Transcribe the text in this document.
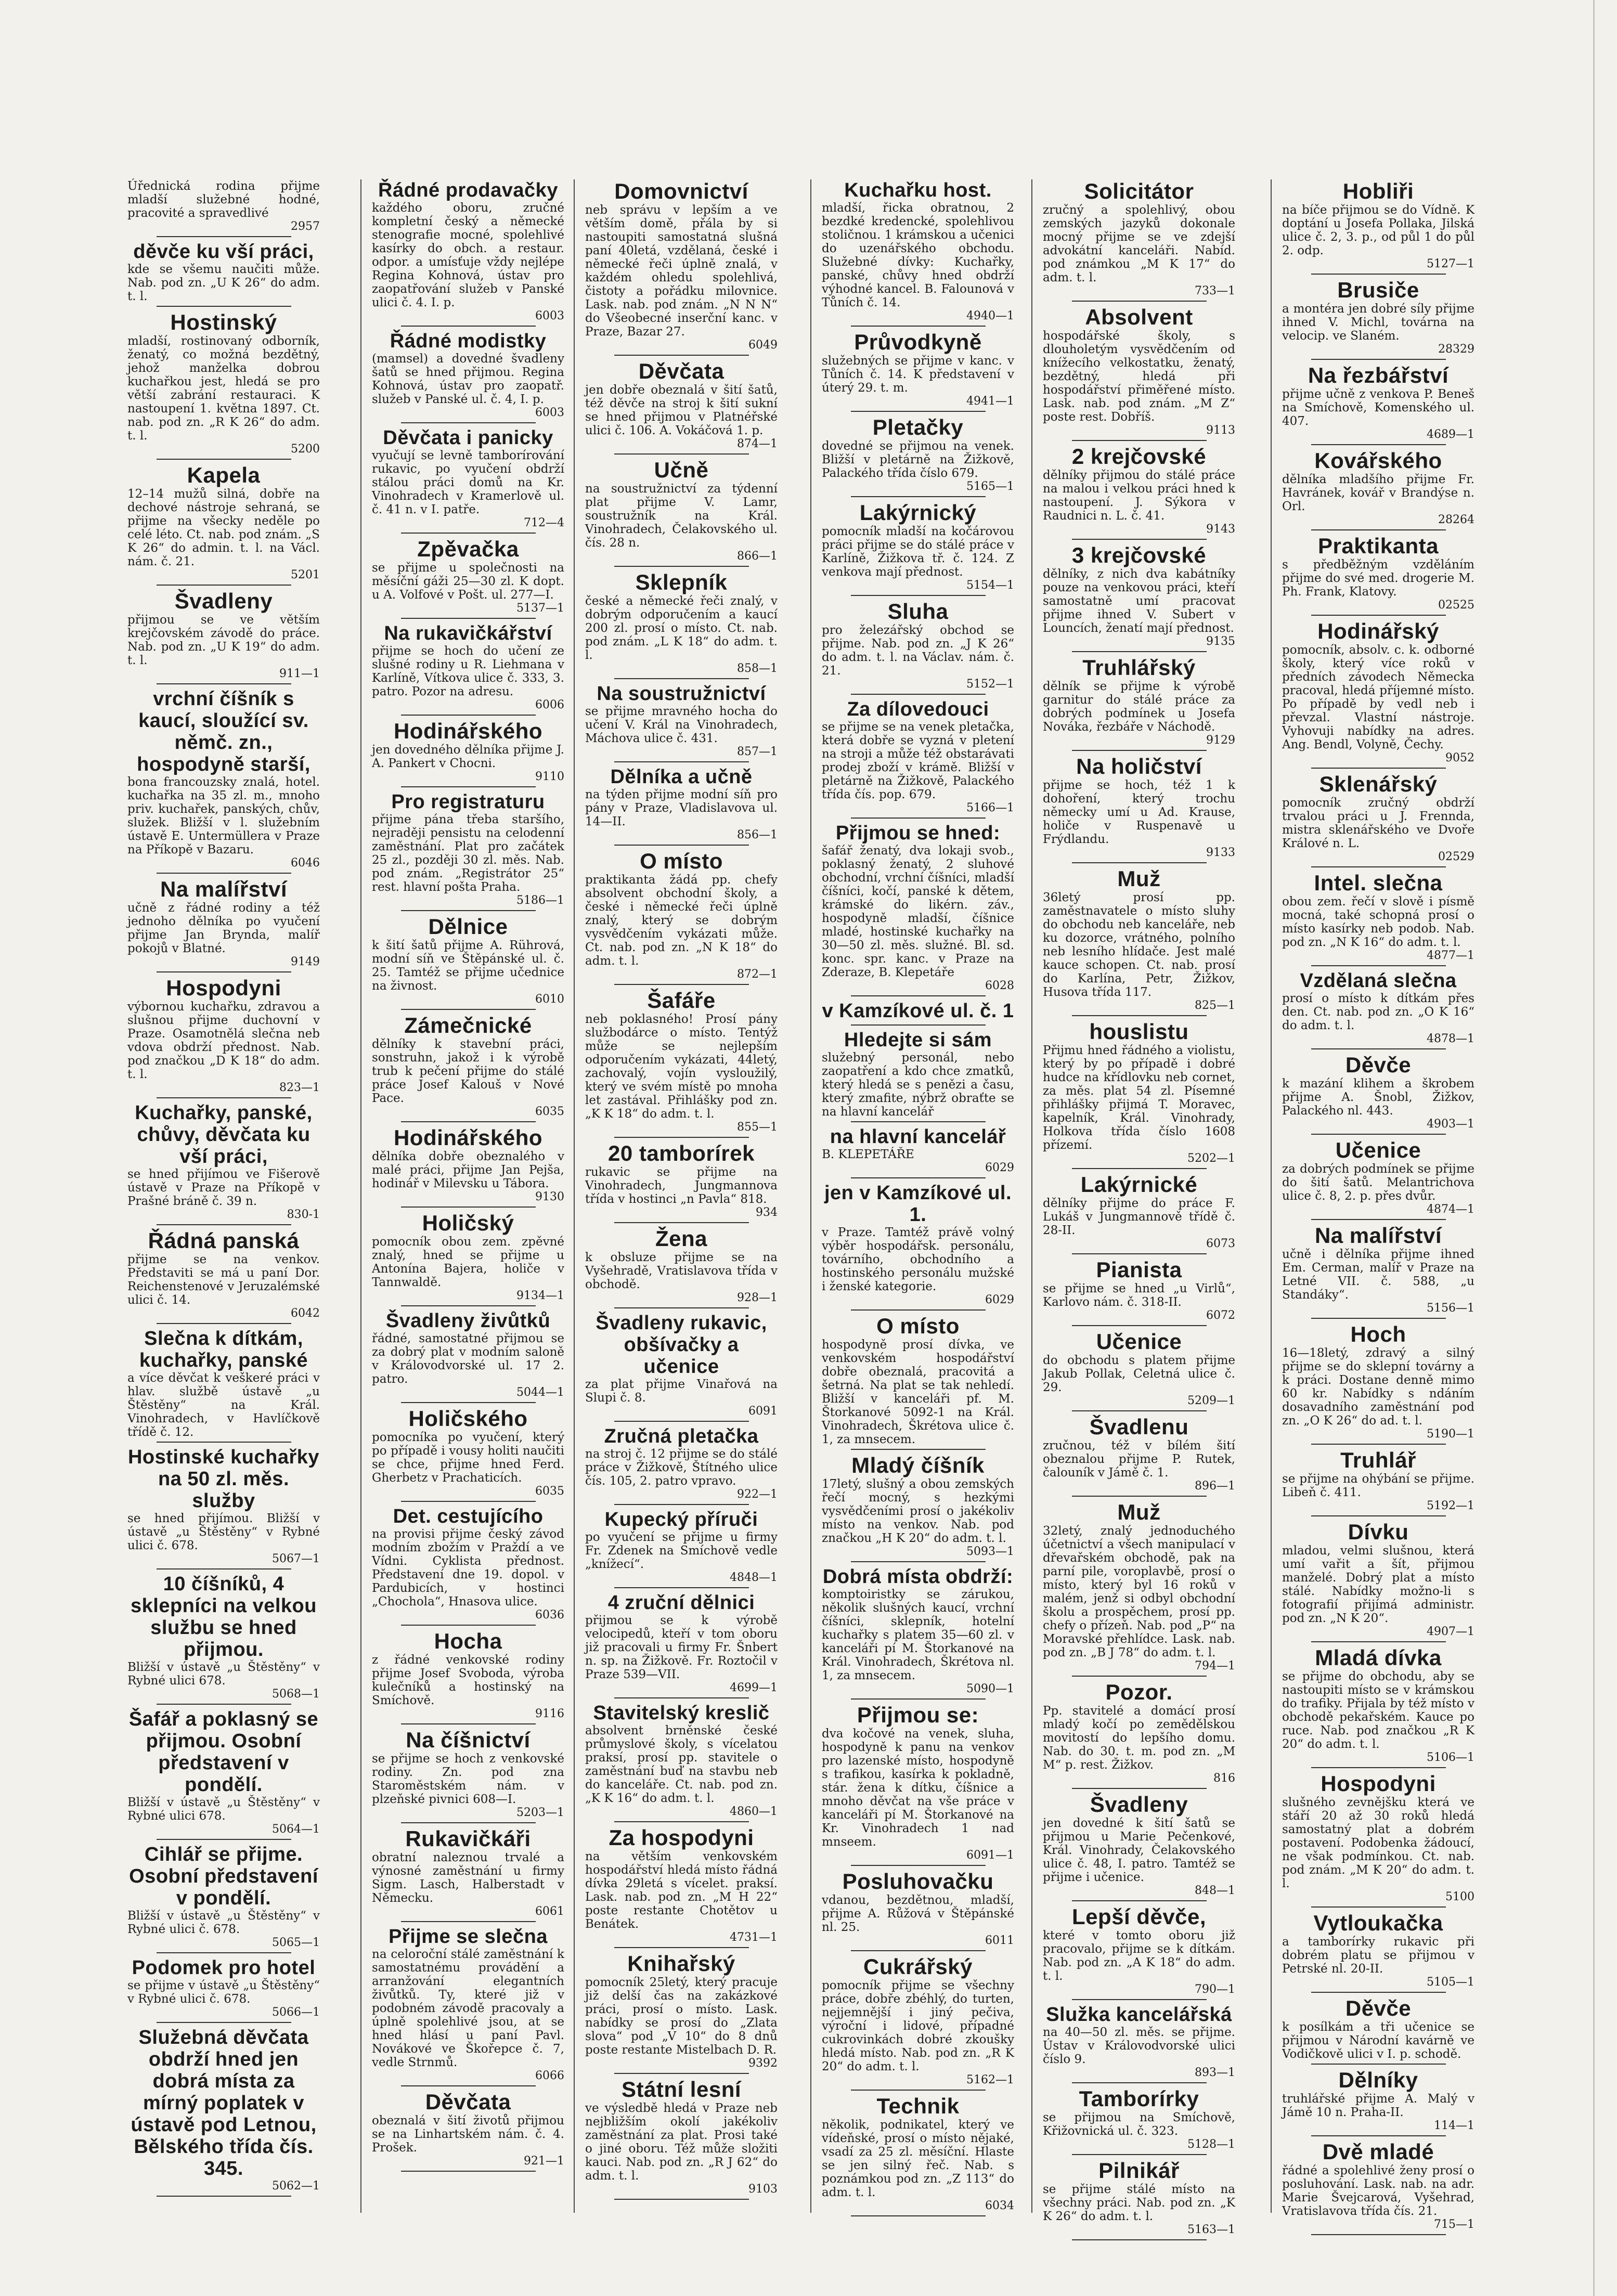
Úřednická rodina přijme mladší služebné hodné, pracovité a spravedlivé
2957
děvče ku vší práci,
kde se všemu naučiti může. Nab. pod zn. „U K 26“ do adm. t. l.
Hostinský
mladší, rostinovaný odborník, ženatý, co možná bezdětný, jehož manželka dobrou kuchařkou jest, hledá se pro větší zabrání restauraci. K nastoupení 1. května 1897. Ct. nab. pod zn. „R K 26“ do adm. t. l.
5200
Kapela
12–14 mužů silná, dobře na dechové nástroje sehraná, se přijme na všecky neděle po celé léto. Ct. nab. pod znám. „S K 26“ do admin. t. l. na Václ. nám. č. 21.
5201
Švadleny
přijmou se ve větším krejčovském závodě do práce. Nab. pod zn. „U K 19“ do adm. t. l.
911—1
vrchní číšník s kaucí, sloužící sv. němč. zn., hospodyně starší,
bona francouzsky znalá, hotel. kuchařka na 35 zl. m., mnoho priv. kuchařek, panských, chův, služek. Bližší v l. služebním ústavě E. Untermüllera v Praze na Příkopě v Bazaru.
6046
Na malířství
učně z řádné rodiny a též jednoho dělníka po vyučení přijme Jan Brynda, malíř pokojů v Blatné.
9149
Hospodyni
výbornou kuchařku, zdravou a slušnou přijme duchovní v Praze. Osamotnělá slečna neb vdova obdrží přednost. Nab. pod značkou „D K 18“ do adm. t. l.
823—1
Kuchařky, panské, chůvy, děvčata ku vší práci,
se hned přijímou ve Fišerově ústavě v Praze na Příkopě v Prašné bráně č. 39 n.
830-1
Řádná panská
přijme se na venkov. Představiti se má u paní Dor. Reichenstenové v Jeruzalémské ulici č. 14.
6042
Slečna k dítkám, kuchařky, panské
a více děvčat k veškeré práci v hlav. službě ústavě „u Štěstěny“ na Král. Vinohradech, v Havlíčkově třídě č. 12.
Hostinské kuchařky na 50 zl. měs. služby
se hned přijímou. Bližší v ústavě „u Štěstěny“ v Rybné ulici č. 678.
5067—1
10 číšníků, 4 sklepníci na velkou službu se hned přijmou.
Bližší v ústavě „u Štěstěny“ v Rybné ulici 678.
5068—1
Šafář a poklasný se přijmou. Osobní představení v pondělí.
Bližší v ústavě „u Štěstěny“ v Rybné ulici 678.
5064—1
Cihlář se přijme. Osobní představení v pondělí.
Bližší v ústavě „u Štěstěny“ v Rybné ulici č. 678.
5065—1
Podomek pro hotel
se přijme v ústavě „u Štěstěny“ v Rybné ulici č. 678.
5066—1
Služebná děvčata obdrží hned jen dobrá místa za mírný poplatek v ústavě pod Letnou, Bělského třída čís. 345.
5062—1
Řádné prodavačky
každého oboru, zručné kompletní český a německé stenografie mocné, spolehlivé kasírky do obch. a restaur. odpor. a umísťuje vždy nejlépe Regina Kohnová, ústav pro zaopatřování služeb v Panské ulici č. 4. I. p.
6003
Řádné modistky
(mamsel) a dovedné švadleny šatů se hned přijmou. Regina Kohnová, ústav pro zaopatř. služeb v Panské ul. č. 4, I. p.
6003
Děvčata i panicky
vyučují se levně tamborírování rukavic, po vyučení obdrží stálou práci domů na Kr. Vinohradech v Kramerlově ul. č. 41 n. v I. patře.
712—4
Zpěvačka
se přijme u společnosti na měsíční gáži 25—30 zl. K dopt. u A. Volfové v Pošt. ul. 277—I.
5137—1
Na rukavičkářství
přijme se hoch do učení ze slušné rodiny u R. Liehmana v Karlíně, Vítkova ulice č. 333, 3. patro. Pozor na adresu.
6006
Hodinářského
jen dovedného dělníka přijme J. A. Pankert v Chocni.
9110
Pro registraturu
přijme pána třeba staršího, nejraději pensistu na celodenní zaměstnání. Plat pro začátek 25 zl., později 30 zl. měs. Nab. pod znám. „Registrátor 25“ rest. hlavní pošta Praha.
5186—1
Dělnice
k šití šatů přijme A. Rührová, modní síň ve Štěpánské ul. č. 25. Tamtéž se přijme učednice na živnost.
6010
Zámečnické
dělníky k stavební práci, sonstruhn, jakož i k výrobě trub k pečení přijme do stálé práce Josef Kalouš v Nové Pace.
6035
Hodinářského
dělníka dobře obeznalého v malé práci, přijme Jan Pejša, hodinář v Milevsku u Tábora.
9130
Holičský
pomocník obou zem. zpěvné znalý, hned se přijme u Antonína Bajera, holiče v Tannwaldě.
9134—1
Švadleny živůtků
řádné, samostatné přijmou se za dobrý plat v modním saloně v Královodvorské ul. 17 2. patro.
5044—1
Holičského
pomocníka po vyučení, který po případě i vousy holiti naučiti se chce, přijme hned Ferd. Gherbetz v Prachaticích.
6035
Det. cestujícího
na provisi přijme český závod modním zbožím v Praždí a ve Vídni. Cyklista přednost. Představení dne 19. dopol. v Pardubicích, v hostinci „Chochola“, Hnasova ulice.
6036
Hocha
z řádné venkovské rodiny přijme Josef Svoboda, výroba kulečníků a hostinský na Smíchově.
9116
Na číšnictví
se přijme se hoch z venkovské rodiny. Zn. pod zna Staroměstském nám. v plzeňské pivnici 608—I.
5203—1
Rukavičkáři
obratní naleznou trvalé a výnosné zaměstnání u firmy Sigm. Lasch, Halberstadt v Německu.
6061
Přijme se slečna
na celoroční stálé zaměstnání k samostatnému provádění a arranžování elegantních živůtků. Ty, které již v podobném závodě pracovaly a úplně spolehlivé jsou, at se hned hlásí u paní Pavl. Novákové ve Škořepce č. 7, vedle Strnmů.
6066
Děvčata
obeznalá v šití životů přijmou se na Linhartském nám. č. 4. Prošek.
921—1
Domovnictví
neb správu v lepším a ve větším domě, přála by si nastoupiti samostatná slušná paní 40letá, vzdělaná, české i německé řeči úplně znalá, v každém ohledu spolehlivá, čistoty a pořádku milovnice. Lask. nab. pod znám. „N N N“ do Všeobecné inserční kanc. v Praze, Bazar 27.
6049
Děvčata
jen dobře obeznalá v šití šatů, též děvče na stroj k šití sukní se hned přijmou v Platnéřské ulici č. 106. A. Vokáčová 1. p.
874—1
Učně
na soustružnictví za týdenní plat přijme V. Lamr, soustružník na Král. Vinohradech, Čelakovského ul. čís. 28 n.
866—1
Sklepník
české a německé řeči znalý, v dobrým odporučením a kaucí 200 zl. prosí o místo. Ct. nab. pod znám. „L K 18“ do adm. t. l.
858—1
Na soustružnictví
se přijme mravného hocha do učení V. Král na Vinohradech, Máchova ulice č. 431.
857—1
Dělníka a učně
na týden přijme modní síň pro pány v Praze, Vladislavova ul. 14—II.
856—1
O místo
praktikanta žádá pp. chefy absolvent obchodní školy, a české i německé řeči úplně znalý, který se dobrým vysvědčením vykázati může. Ct. nab. pod zn. „N K 18“ do adm. t. l.
872—1
Šafáře
neb poklasného! Prosí pány službodárce o místo. Tentýž může se nejlepším odporučením vykázati, 44letý, zachovalý, vojín vysloužilý, který ve svém místě po mnoha let zastával. Přihlášky pod zn. „K K 18“ do adm. t. l.
855—1
20 tamborírek
rukavic se přijme na Vinohradech, Jungmannova třída v hostinci „n Pavla“ 818.
934
Žena
k obsluze přijme se na Vyšehradě, Vratislavova třída v obchodě.
928—1
Švadleny rukavic, obšívačky a učenice
za plat přijme Vinařová na Slupi č. 8.
6091
Zručná pletačka
na stroj č. 12 přijme se do stálé práce v Žižkově, Štítného ulice čís. 105, 2. patro vpravo.
922—1
Kupecký příruči
po vyučení se přijme u firmy Fr. Zdenek na Smíchově vedle „knížecí“.
4848—1
4 zruční dělnici
přijmou se k výrobě velocipedů, kteří v tom oboru již pracovali u firmy Fr. Šnbert n. sp. na Žižkově. Fr. Roztočil v Praze 539—VII.
4699—1
Stavitelský kreslič
absolvent brněnské české průmyslové školy, s vícelatou praksí, prosí pp. stavitele o zaměstnání buď na stavbu neb do kanceláře. Ct. nab. pod zn. „K K 16“ do adm. t. l.
4860—1
Za hospodyni
na větším venkovském hospodářství hledá místo řádná dívka 29letá s vícelet. praksí. Lask. nab. pod zn. „M H 22“ poste restante Chotětov u Benátek.
4731—1
Knihařský
pomocník 25letý, který pracuje již delší čas na zakázkové práci, prosí o místo. Lask. nabídky se prosí do „Zlata slova“ pod „V 10“ do 8 dnů poste restante Mistelbach D. R.
9392
Státní lesní
ve výsledbě hledá v Praze neb nejbližším okolí jakékoliv zaměstnání za plat. Prosi také o jiné oboru. Též může složiti kauci. Nab. pod zn. „R J 62“ do adm. t. l.
9103
Kuchařku host.
mladší, řicka obratnou, 2 bezdké kredencké, spolehlivou stoličnou. 1 krámskou a učenici do uzenářského obchodu. Služebné dívky: Kuchařky, panské, chůvy hned obdrží výhodné kancel. B. Falounová v Tůních č. 14.
4940—1
Průvodkyně
služebných se přijme v kanc. v Tůních č. 14. K představení v úterý 29. t. m.
4941—1
Pletačky
dovedné se přijmou na venek. Bližší v pletárně na Žižkově, Palackého třída číslo 679.
5165—1
Lakýrnický
pomocník mladší na kočárovou práci přijme se do stálé práce v Karlíně, Žižkova tř. č. 124. Z venkova mají přednost.
5154—1
Sluha
pro železářský obchod se přijme. Nab. pod zn. „J K 26“ do adm. t. l. na Václav. nám. č. 21.
5152—1
Za dílovedouci
se přijme se na venek pletačka, která dobře se vyzná v pletení na stroji a může též obstarávati prodej zboží v krámě. Bližší v pletárně na Žižkově, Palackého třída čís. pop. 679.
5166—1
Přijmou se hned:
šafář ženatý, dva lokaji svob., poklasný ženatý, 2 sluhové obchodní, vrchní číšníci, mladší číšníci, kočí, panské k dětem, krámské do likérn. záv., hospodyně mladší, číšnice mladé, hostinské kuchařky na 30—50 zl. měs. služné. Bl. sd. konc. spr. kanc. v Praze na Zderaze, B. Klepetáře
6028
v Kamzíkové ul. č. 1
Hledejte si sám
služebný personál, nebo zaopatření a kdo chce zmatků, který hledá se s penězi a času, který zmafite, nýbrž obraťte se na hlavní kancelář
na hlavní kancelář
B. KLEPETÁŘE
6029
jen v Kamzíkové ul. 1.
v Praze. Tamtéž právě volný výběr hospodářsk. personálu, továrního, obchodního a hostinského personálu mužské i ženské kategorie.
6029
O místo
hospodyně prosí dívka, ve venkovském hospodářství dobře obeznalá, pracovitá a šetrná. Na plat se tak nehledí. Bližší v kanceláři pf. M. Štorkanové 5092-1 na Král. Vinohradech, Škrétova ulice č. 1, za mnsecem.
Mladý číšník
17letý, slušný a obou zemských řečí mocný, s hezkými vysvědčeními prosí o jakékoliv místo na venkov. Nab. pod značkou „H K 20“ do adm. t. l.
5093—1
Dobrá místa obdrží:
komptoiristky se zárukou, několik slušných kaucí, vrchní číšníci, sklepník, hotelní kuchařky s platem 35—60 zl. v kanceláři pí M. Štorkanové na Král. Vinohradech, Škrétova nl. 1, za mnsecem.
5090—1
Přijmou se:
dva kočové na venek, sluha, hospodyně k panu na venkov pro lazenské místo, hospodyně s trafikou, kasírka k pokladně, stár. žena k dítku, číšnice a mnoho děvčat na vše práce v kanceláři pí M. Štorkanové na Kr. Vinohradech 1 nad mnseem.
6091—1
Posluhovačku
vdanou, bezdětnou, mladší, přijme A. Růžová v Štěpánské nl. 25.
6011
Cukrářský
pomocník přijme se všechny práce, dobře zbéhlý, do turten, nejjemnější i jiný pečiva, výroční i lidové, případné cukrovinkách dobré zkoušky hledá místo. Nab. pod zn. „R K 20“ do adm. t. l.
5162—1
Technik
několik, podnikatel, který ve vídeňské, prosí o místo nějaké, vsadí za 25 zl. měsíční. Hlaste se jen silný řeč. Nab. s poznámkou pod zn. „Z 113“ do adm. t. l.
6034
Solicitátor
zručný a spolehlivý, obou zemských jazyků dokonale mocný přijme se ve zdejší advokátní kanceláři. Nabíd. pod známkou „M K 17“ do adm. t. l.
733—1
Absolvent
hospodářské školy, s dlouholetým vysvědčením od knížecího velkostatku, ženatý, bezdětný, hledá při hospodářství přiměřené místo. Lask. nab. pod znám. „M Z“ poste rest. Dobříš.
9113
2 krejčovské
dělníky přijmou do stálé práce na malou i velkou práci hned k nastoupení. J. Sýkora v Raudnici n. L. č. 41.
9143
3 krejčovské
dělníky, z nich dva kabátníky pouze na venkovou práci, kteří samostatně umí pracovat přijme ihned V. Subert v Louncích, ženatí mají přednost.
9135
Truhlářský
dělník se přijme k výrobě garnitur do stálé práce za dobrých podmínek u Josefa Nováka, řezbáře v Náchodě.
9129
Na holičství
přijme se hoch, též 1 k dohoření, který trochu německy umí u Ad. Krause, holiče v Ruspenavě u Frýdlandu.
9133
Muž
36letý prosí pp. zaměstnavatele o místo sluhy do obchodu neb kanceláře, neb ku dozorce, vrátného, polního neb lesního hlídače. Jest malé kauce schopen. Ct. nab. prosí do Karlína, Petr, Žižkov, Husova třída 117.
825—1
houslistu
Přijmu hned řádného a violistu, který by po případě i dobré hudce na křídlovku neb cornet, za měs. plat 54 zl. Písemné přihlášky přijmá T. Moravec, kapelník, Král. Vinohrady, Holkova třída číslo 1608 přízemí.
5202—1
Lakýrnické
dělníky přijme do práce F. Lukáš v Jungmannově třídě č. 28-II.
6073
Pianista
se přijme se hned „u Virlů“, Karlovo nám. č. 318-II.
6072
Učenice
do obchodu s platem přijme Jakub Pollak, Celetná ulice č. 29.
5209—1
Švadlenu
zručnou, též v bílém šití obeznalou přijme P. Rutek, čalouník v Jámě č. 1.
896—1
Muž
32letý, znalý jednoduchého účetnictví a všech manipulací v dřevařském obchodě, pak na parní pile, voroplavbě, prosí o místo, který byl 16 roků v malém, jenž si odbyl obchodní školu a prospěchem, prosí pp. chefy o přízeň. Nab. pod „P“ na Moravské přehlídce. Lask. nab. pod zn. „B J 78“ do adm. t. l.
794—1
Pozor.
Pp. stavitelé a domácí prosí mladý kočí po zemědělskou movitostí do lepšího domu. Nab. do 30. t. m. pod zn. „M M“ p. rest. Žižkov.
816
Švadleny
jen dovedné k šití šatů se přijmou u Marie Pečenkové, Král. Vinohrady, Čelakovského ulice č. 48, I. patro. Tamtéž se přijme i učenice.
848—1
Lepší děvče,
které v tomto oboru již pracovalo, přijme se k dítkám. Nab. pod zn. „A K 18“ do adm. t. l.
790—1
Služka kancelářská
na 40—50 zl. měs. se přijme. Ústav v Královodvorské ulici číslo 9.
893—1
Tamborírky
se přijmou na Smíchově, Křižovnická ul. č. 323.
5128—1
Pilnikář
se přijme stálé místo na všechny práci. Nab. pod zn. „K K 26“ do adm. t. l.
5163—1
Hobliři
na bíče přijmou se do Vídně. K doptání u Josefa Pollaka, Jilská ulice č. 2, 3. p., od půl 1 do půl 2. odp.
5127—1
Brusiče
a montéra jen dobré síly přijme ihned V. Michl, továrna na velocip. ve Slaném.
28329
Na řezbářství
přijme učně z venkova P. Beneš na Smíchově, Komenského ul. 407.
4689—1
Kovářského
dělníka mladšího přijme Fr. Havránek, kovář v Brandýse n. Orl.
28264
Praktikanta
s předběžným vzděláním přijme do své med. drogerie M. Ph. Frank, Klatovy.
02525
Hodinářský
pomocník, absolv. c. k. odborné školy, který více roků v předních závodech Německa pracoval, hledá příjemné místo. Po případě by vedl neb i převzal. Vlastní nástroje. Vyhovuji nabídky na adres. Ang. Bendl, Volyně, Čechy.
9052
Sklenářský
pomocník zručný obdrží trvalou práci u J. Frennda, mistra sklenářského ve Dvoře Králové n. L.
02529
Intel. slečna
obou zem. řečí v slově i písmě mocná, také schopná prosí o místo kasírky neb podob. Nab. pod zn. „N K 16“ do adm. t. l.
4877—1
Vzdělaná slečna
prosí o místo k dítkám přes den. Ct. nab. pod zn. „O K 16“ do adm. t. l.
4878—1
Děvče
k mazání klihem a škrobem přijme A. Šnobl, Žižkov, Palackého nl. 443.
4903—1
Učenice
za dobrých podmínek se přijme do šití šatů. Melantrichova ulice č. 8, 2. p. přes dvůr.
4874—1
Na malířství
učně i dělníka přijme ihned Em. Cerman, malíř v Praze na Letné VII. č. 588, „u Standáky“.
5156—1
Hoch
16—18letý, zdravý a silný přijme se do sklepní továrny a k práci. Dostane denně mimo 60 kr. Nabídky s ndáním dosavadního zaměstnání pod zn. „O K 26“ do ad. t. l.
5190—1
Truhlář
se přijme na ohýbání se přijme. Libeň č. 411.
5192—1
Dívku
mladou, velmi slušnou, která umí vařit a šít, přijmou manželé. Dobrý plat a místo stálé. Nabídky možno-li s fotografií přijímá administr. pod zn. „N K 20“.
4907—1
Mladá dívka
se přijme do obchodu, aby se nastoupiti místo se v krámskou do trafiky. Přijala by též místo v obchodě pekařském. Kauce po ruce. Nab. pod značkou „R K 20“ do adm. t. l.
5106—1
Hospodyni
slušného zevnějšku která ve stáří 20 až 30 roků hledá samostatný plat a dobrém postavení. Podobenka žádoucí, ne však podmínkou. Ct. nab. pod znám. „M K 20“ do adm. t. l.
5100
Vytloukačka
a tamborírky rukavic při dobrém platu se přijmou v Petrské nl. 20-II.
5105—1
Děvče
k posílkám a tři učenice se přijmou v Národní kavárně ve Vodičkově ulici v I. p. schodě.
Dělníky
truhlářské přijme A. Malý v Jámě 10 n. Praha-II.
114—1
Dvě mladé
řádné a spolehlivé ženy prosí o posluhování. Lask. nab. na adr. Marie Švejcarová, Vyšehrad, Vratislavova třída čís. 21.
715—1
